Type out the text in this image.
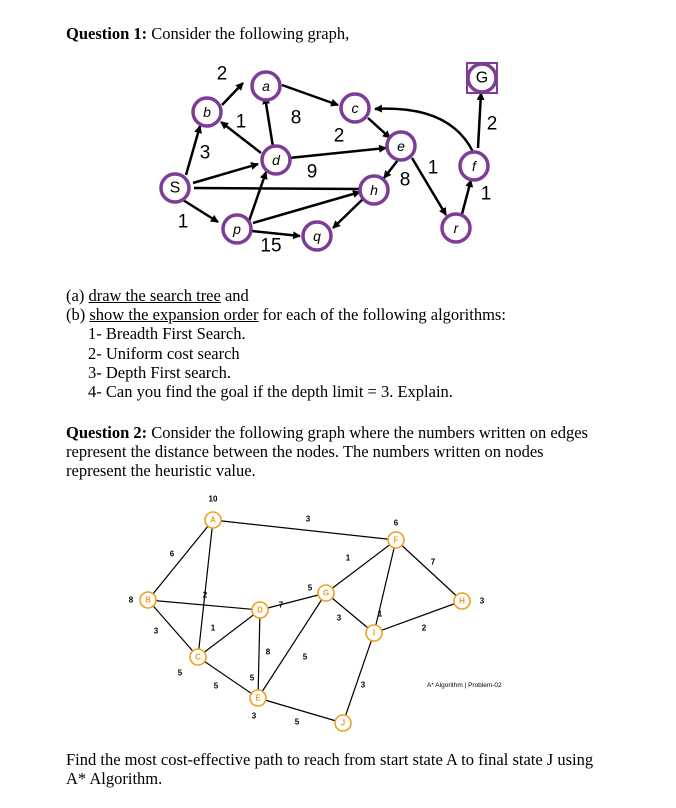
Question 1: Consider the following graph,
S
b
a
d
c
e
h
p	q
f
r
G
2
1
3
8
2
9
1
8
1
1
15
2
(a) draw the search tree and
(b) show the expansion order for each of the following algorithms:
1- Breadth First Search.
2- Uniform cost search
3- Depth First search.
4- Can you find the goal if the depth limit = 3. Explain.
Question 2: Consider the following graph where the numbers written on edges
represent the distance between the nodes. The numbers written on nodes
represent the heuristic value.
A
B
C
D
E
F
G
H
I
J
10
8
5
7
3
6
5
3
6
3
2
1
5
3
8
1
5
3
3
5
1
7
2
5
A* Algorithm | Problem-02
Find the most cost-effective path to reach from start state A to final state J using
A* Algorithm.
